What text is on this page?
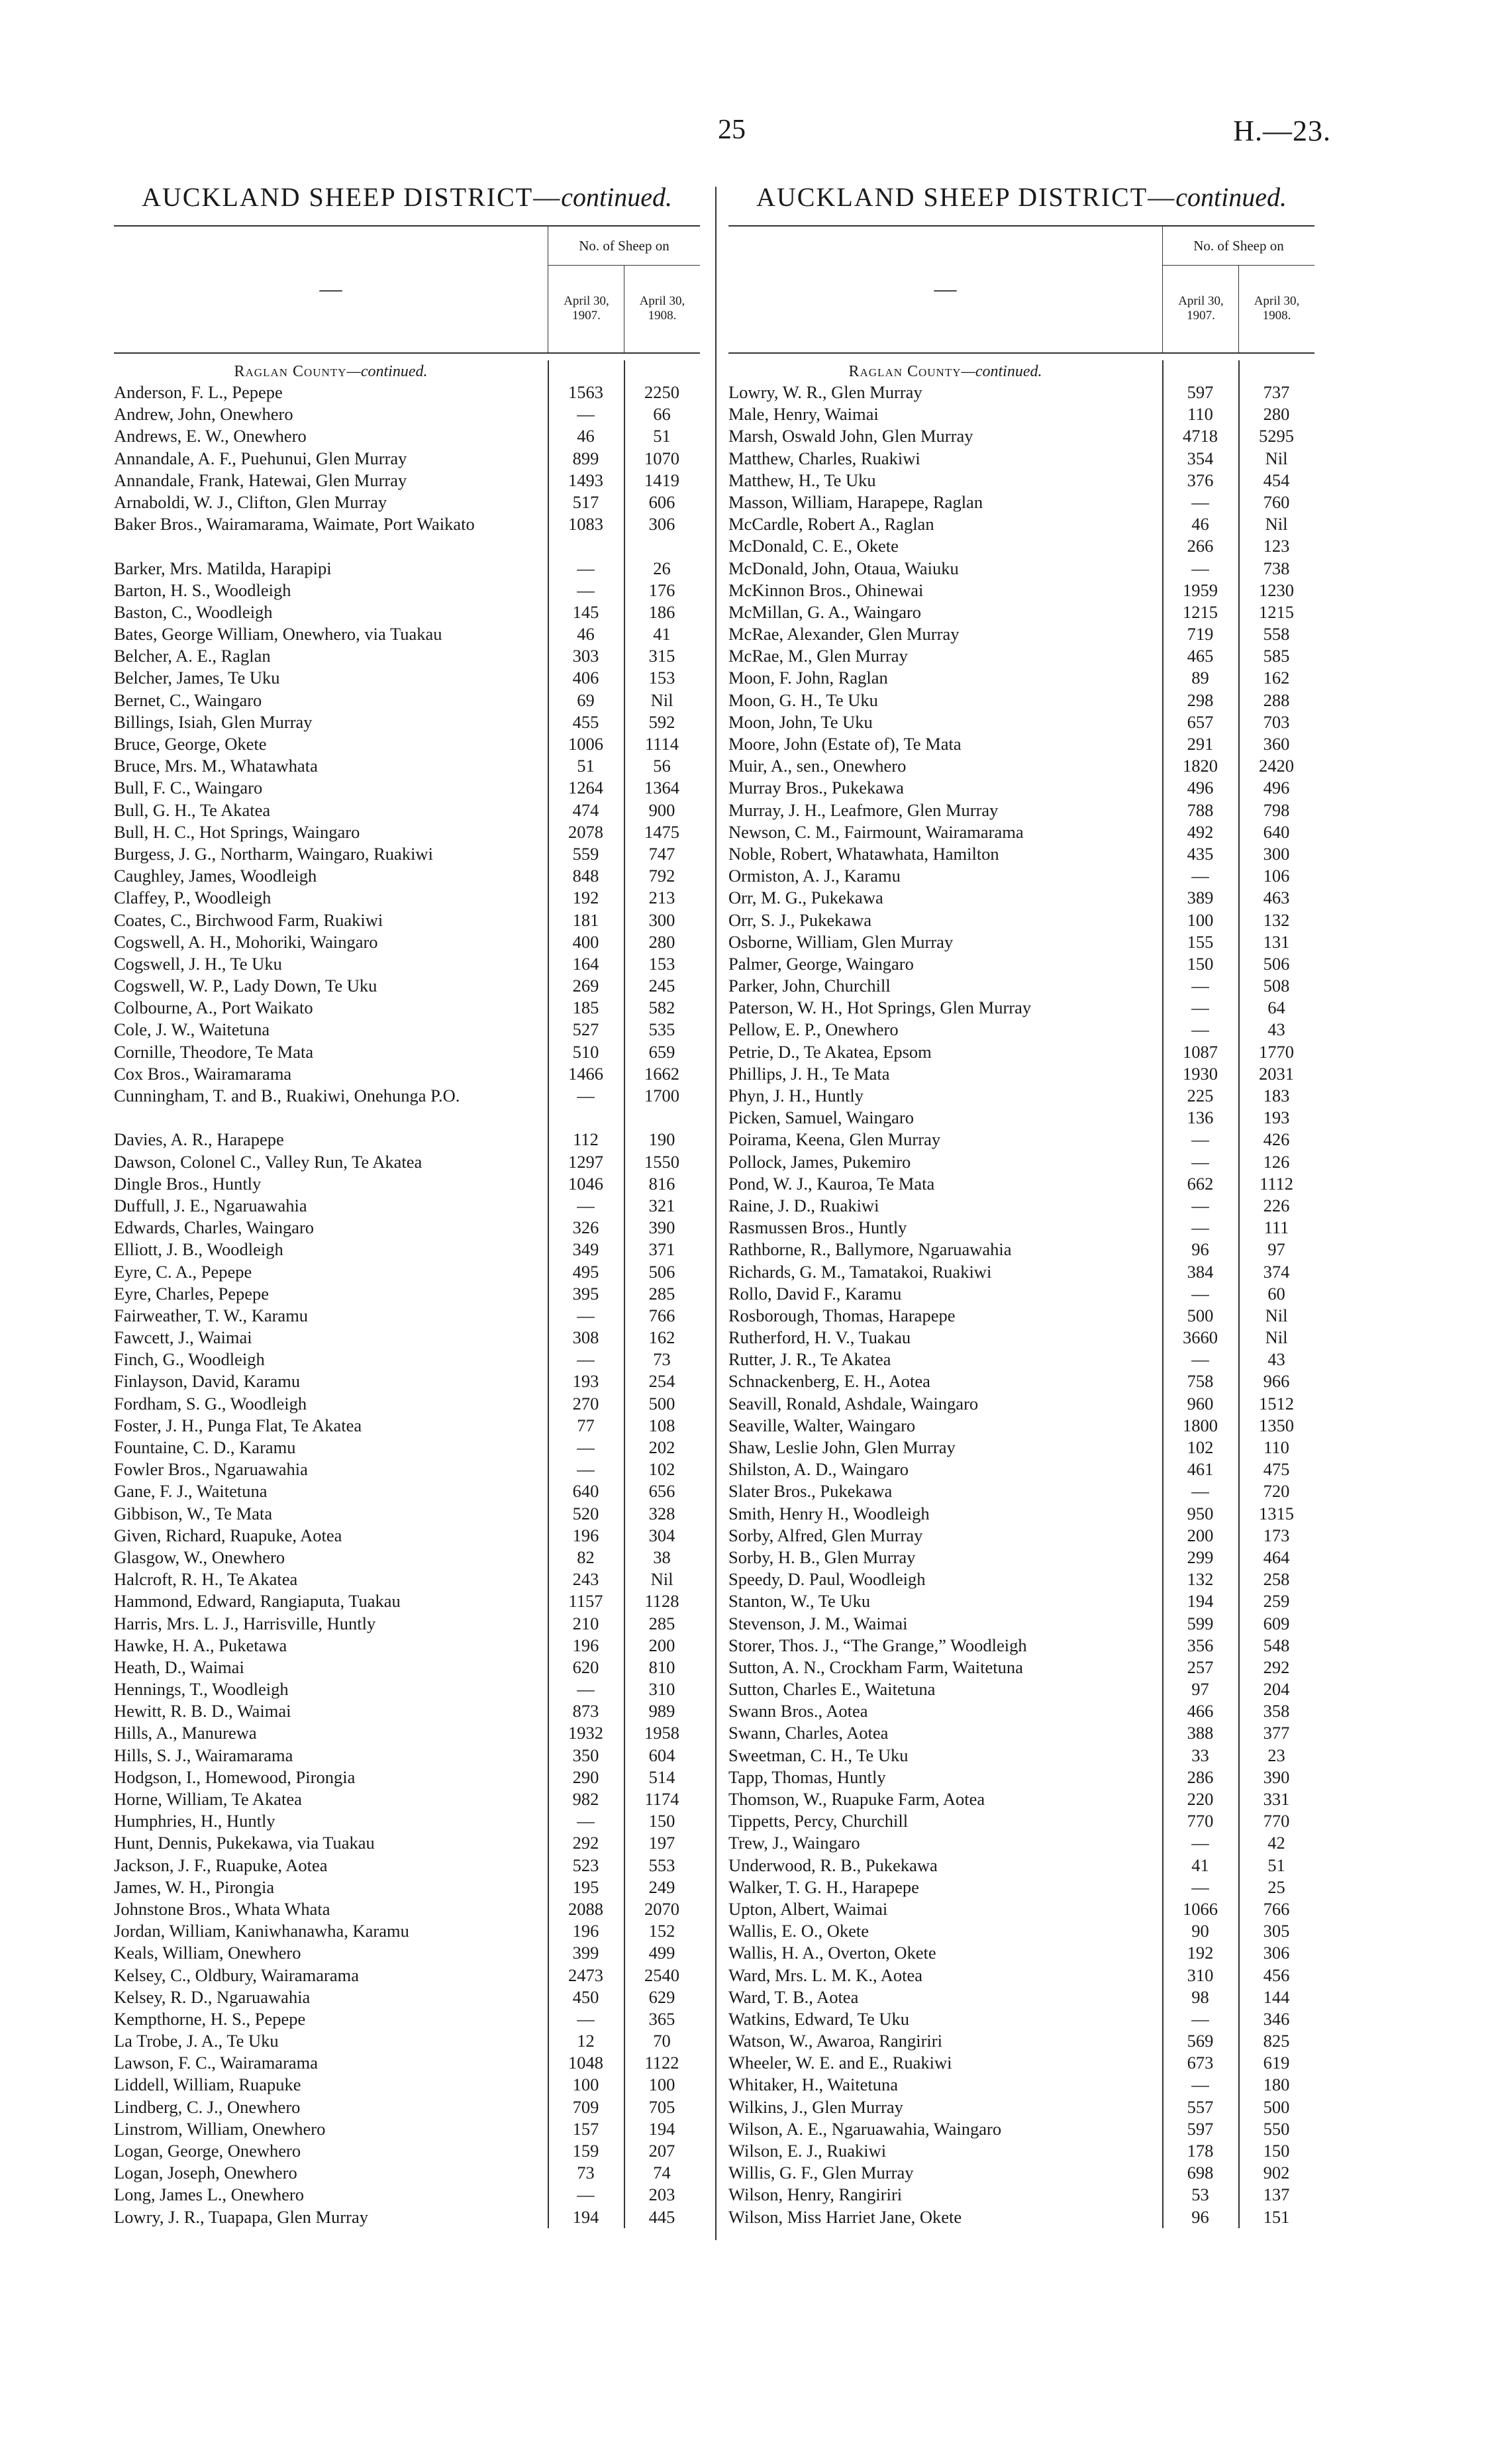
25	H.—23.
AUCKLAND SHEEP DISTRICT—continued.
—
No. of Sheep on
April 30,
1907.
April 30,
1908.
Raglan County—continued.
Anderson, F. L., Pepepe	1563	2250
Andrew, John, Onewhero	—	66
Andrews, E. W., Onewhero	46	51
Annandale, A. F., Puehunui, Glen Murray	899	1070
Annandale, Frank, Hatewai, Glen Murray	1493	1419
Arnaboldi, W. J., Clifton, Glen Murray	517	606
Baker Bros., Wairamarama, Waimate, Port Waikato	1083	306
Barker, Mrs. Matilda, Harapipi	—	26
Barton, H. S., Woodleigh	—	176
Baston, C., Woodleigh	145	186
Bates, George William, Onewhero, via Tuakau	46	41
Belcher, A. E., Raglan	303	315
Belcher, James, Te Uku	406	153
Bernet, C., Waingaro	69	Nil
Billings, Isiah, Glen Murray	455	592
Bruce, George, Okete	1006	1114
Bruce, Mrs. M., Whatawhata	51	56
Bull, F. C., Waingaro	1264	1364
Bull, G. H., Te Akatea	474	900
Bull, H. C., Hot Springs, Waingaro	2078	1475
Burgess, J. G., Northarm, Waingaro, Ruakiwi	559	747
Caughley, James, Woodleigh	848	792
Claffey, P., Woodleigh	192	213
Coates, C., Birchwood Farm, Ruakiwi	181	300
Cogswell, A. H., Mohoriki, Waingaro	400	280
Cogswell, J. H., Te Uku	164	153
Cogswell, W. P., Lady Down, Te Uku	269	245
Colbourne, A., Port Waikato	185	582
Cole, J. W., Waitetuna	527	535
Cornille, Theodore, Te Mata	510	659
Cox Bros., Wairamarama	1466	1662
Cunningham, T. and B., Ruakiwi, Onehunga P.O.	—	1700
Davies, A. R., Harapepe	112	190
Dawson, Colonel C., Valley Run, Te Akatea	1297	1550
Dingle Bros., Huntly	1046	816
Duffull, J. E., Ngaruawahia	—	321
Edwards, Charles, Waingaro	326	390
Elliott, J. B., Woodleigh	349	371
Eyre, C. A., Pepepe	495	506
Eyre, Charles, Pepepe	395	285
Fairweather, T. W., Karamu	—	766
Fawcett, J., Waimai	308	162
Finch, G., Woodleigh	—	73
Finlayson, David, Karamu	193	254
Fordham, S. G., Woodleigh	270	500
Foster, J. H., Punga Flat, Te Akatea	77	108
Fountaine, C. D., Karamu	—	202
Fowler Bros., Ngaruawahia	—	102
Gane, F. J., Waitetuna	640	656
Gibbison, W., Te Mata	520	328
Given, Richard, Ruapuke, Aotea	196	304
Glasgow, W., Onewhero	82	38
Halcroft, R. H., Te Akatea	243	Nil
Hammond, Edward, Rangiaputa, Tuakau	1157	1128
Harris, Mrs. L. J., Harrisville, Huntly	210	285
Hawke, H. A., Puketawa	196	200
Heath, D., Waimai	620	810
Hennings, T., Woodleigh	—	310
Hewitt, R. B. D., Waimai	873	989
Hills, A., Manurewa	1932	1958
Hills, S. J., Wairamarama	350	604
Hodgson, I., Homewood, Pirongia	290	514
Horne, William, Te Akatea	982	1174
Humphries, H., Huntly	—	150
Hunt, Dennis, Pukekawa, via Tuakau	292	197
Jackson, J. F., Ruapuke, Aotea	523	553
James, W. H., Pirongia	195	249
Johnstone Bros., Whata Whata	2088	2070
Jordan, William, Kaniwhanawha, Karamu	196	152
Keals, William, Onewhero	399	499
Kelsey, C., Oldbury, Wairamarama	2473	2540
Kelsey, R. D., Ngaruawahia	450	629
Kempthorne, H. S., Pepepe	—	365
La Trobe, J. A., Te Uku	12	70
Lawson, F. C., Wairamarama	1048	1122
Liddell, William, Ruapuke	100	100
Lindberg, C. J., Onewhero	709	705
Linstrom, William, Onewhero	157	194
Logan, George, Onewhero	159	207
Logan, Joseph, Onewhero	73	74
Long, James L., Onewhero	—	203
Lowry, J. R., Tuapapa, Glen Murray	194	445
AUCKLAND SHEEP DISTRICT—continued.
—
No. of Sheep on
April 30,
1907.
April 30,
1908.
Raglan County—continued.
Lowry, W. R., Glen Murray	597	737
Male, Henry, Waimai	110	280
Marsh, Oswald John, Glen Murray	4718	5295
Matthew, Charles, Ruakiwi	354	Nil
Matthew, H., Te Uku	376	454
Masson, William, Harapepe, Raglan	—	760
McCardle, Robert A., Raglan	46	Nil
McDonald, C. E., Okete	266	123
McDonald, John, Otaua, Waiuku	—	738
McKinnon Bros., Ohinewai	1959	1230
McMillan, G. A., Waingaro	1215	1215
McRae, Alexander, Glen Murray	719	558
McRae, M., Glen Murray	465	585
Moon, F. John, Raglan	89	162
Moon, G. H., Te Uku	298	288
Moon, John, Te Uku	657	703
Moore, John (Estate of), Te Mata	291	360
Muir, A., sen., Onewhero	1820	2420
Murray Bros., Pukekawa	496	496
Murray, J. H., Leafmore, Glen Murray	788	798
Newson, C. M., Fairmount, Wairamarama	492	640
Noble, Robert, Whatawhata, Hamilton	435	300
Ormiston, A. J., Karamu	—	106
Orr, M. G., Pukekawa	389	463
Orr, S. J., Pukekawa	100	132
Osborne, William, Glen Murray	155	131
Palmer, George, Waingaro	150	506
Parker, John, Churchill	—	508
Paterson, W. H., Hot Springs, Glen Murray	—	64
Pellow, E. P., Onewhero	—	43
Petrie, D., Te Akatea, Epsom	1087	1770
Phillips, J. H., Te Mata	1930	2031
Phyn, J. H., Huntly	225	183
Picken, Samuel, Waingaro	136	193
Poirama, Keena, Glen Murray	—	426
Pollock, James, Pukemiro	—	126
Pond, W. J., Kauroa, Te Mata	662	1112
Raine, J. D., Ruakiwi	—	226
Rasmussen Bros., Huntly	—	111
Rathborne, R., Ballymore, Ngaruawahia	96	97
Richards, G. M., Tamatakoi, Ruakiwi	384	374
Rollo, David F., Karamu	—	60
Rosborough, Thomas, Harapepe	500	Nil
Rutherford, H. V., Tuakau	3660	Nil
Rutter, J. R., Te Akatea	—	43
Schnackenberg, E. H., Aotea	758	966
Seavill, Ronald, Ashdale, Waingaro	960	1512
Seaville, Walter, Waingaro	1800	1350
Shaw, Leslie John, Glen Murray	102	110
Shilston, A. D., Waingaro	461	475
Slater Bros., Pukekawa	—	720
Smith, Henry H., Woodleigh	950	1315
Sorby, Alfred, Glen Murray	200	173
Sorby, H. B., Glen Murray	299	464
Speedy, D. Paul, Woodleigh	132	258
Stanton, W., Te Uku	194	259
Stevenson, J. M., Waimai	599	609
Storer, Thos. J., “The Grange,” Woodleigh	356	548
Sutton, A. N., Crockham Farm, Waitetuna	257	292
Sutton, Charles E., Waitetuna	97	204
Swann Bros., Aotea	466	358
Swann, Charles, Aotea	388	377
Sweetman, C. H., Te Uku	33	23
Tapp, Thomas, Huntly	286	390
Thomson, W., Ruapuke Farm, Aotea	220	331
Tippetts, Percy, Churchill	770	770
Trew, J., Waingaro	—	42
Underwood, R. B., Pukekawa	41	51
Walker, T. G. H., Harapepe	—	25
Upton, Albert, Waimai	1066	766
Wallis, E. O., Okete	90	305
Wallis, H. A., Overton, Okete	192	306
Ward, Mrs. L. M. K., Aotea	310	456
Ward, T. B., Aotea	98	144
Watkins, Edward, Te Uku	—	346
Watson, W., Awaroa, Rangiriri	569	825
Wheeler, W. E. and E., Ruakiwi	673	619
Whitaker, H., Waitetuna	—	180
Wilkins, J., Glen Murray	557	500
Wilson, A. E., Ngaruawahia, Waingaro	597	550
Wilson, E. J., Ruakiwi	178	150
Willis, G. F., Glen Murray	698	902
Wilson, Henry, Rangiriri	53	137
Wilson, Miss Harriet Jane, Okete	96	151
